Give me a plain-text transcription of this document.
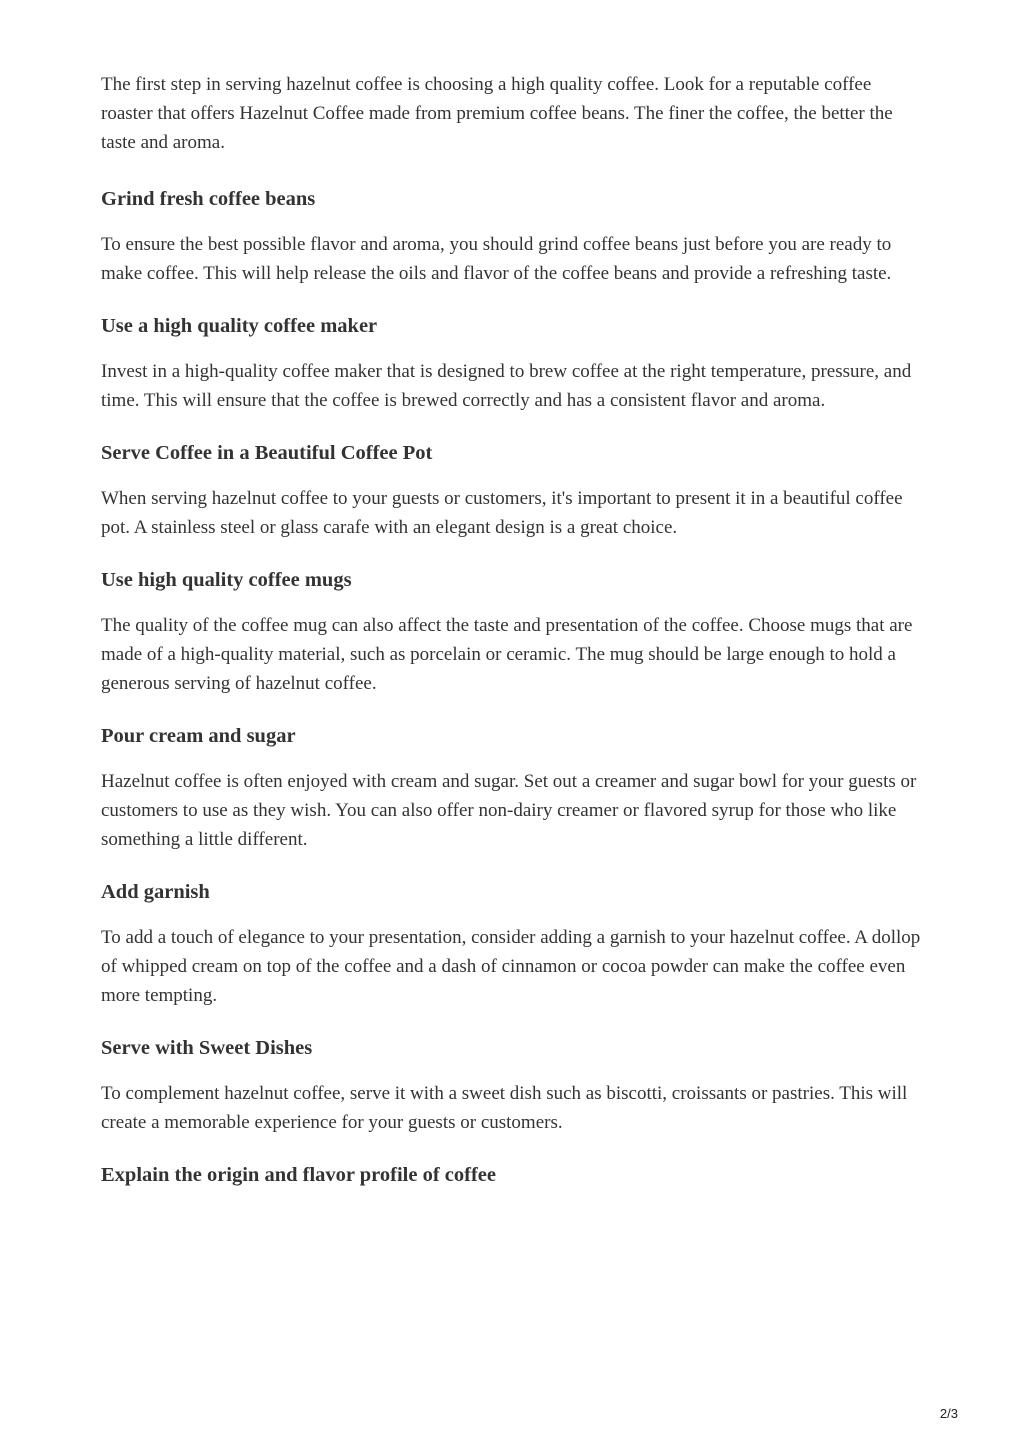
The first step in serving hazelnut coffee is choosing a high quality coffee. Look for a reputable coffee roaster that offers Hazelnut Coffee made from premium coffee beans. The finer the coffee, the better the taste and aroma.

Grind fresh coffee beans

To ensure the best possible flavor and aroma, you should grind coffee beans just before you are ready to make coffee. This will help release the oils and flavor of the coffee beans and provide a refreshing taste.

Use a high quality coffee maker

Invest in a high-quality coffee maker that is designed to brew coffee at the right temperature, pressure, and time. This will ensure that the coffee is brewed correctly and has a consistent flavor and aroma.

Serve Coffee in a Beautiful Coffee Pot

When serving hazelnut coffee to your guests or customers, it's important to present it in a beautiful coffee pot. A stainless steel or glass carafe with an elegant design is a great choice.

Use high quality coffee mugs

The quality of the coffee mug can also affect the taste and presentation of the coffee. Choose mugs that are made of a high-quality material, such as porcelain or ceramic. The mug should be large enough to hold a generous serving of hazelnut coffee.

Pour cream and sugar

Hazelnut coffee is often enjoyed with cream and sugar. Set out a creamer and sugar bowl for your guests or customers to use as they wish. You can also offer non-dairy creamer or flavored syrup for those who like something a little different.

Add garnish

To add a touch of elegance to your presentation, consider adding a garnish to your hazelnut coffee. A dollop of whipped cream on top of the coffee and a dash of cinnamon or cocoa powder can make the coffee even more tempting.

Serve with Sweet Dishes

To complement hazelnut coffee, serve it with a sweet dish such as biscotti, croissants or pastries. This will create a memorable experience for your guests or customers.

Explain the origin and flavor profile of coffee
2/3
